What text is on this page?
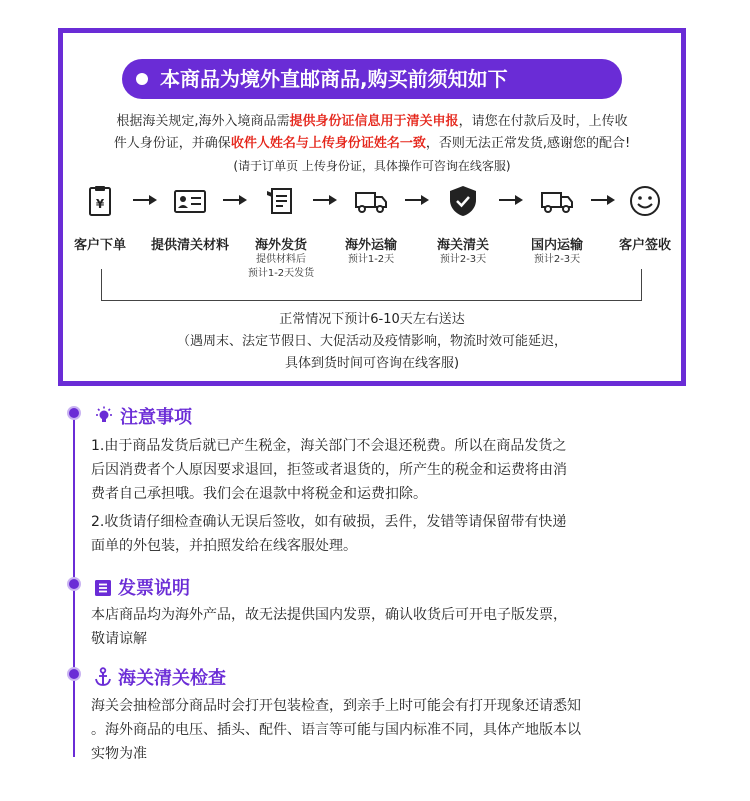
本商品为境外直邮商品,购买前须知如下
根据海关规定,海外入境商品需提供身份证信息用于清关申报，请您在付款后及时，上传收
件人身份证，并确保收件人姓名与上传身份证姓名一致，否则无法正常发货,感谢您的配合!
(请于订单页 上传身份证，具体操作可咨询在线客服)
¥
客户下单	提供清关材料	海外发货
提供材料后
预计1-2天发货
海外运输
预计1-2天
海关清关
预计2-3天
国内运输
预计2-3天
客户签收
正常情况下预计6-10天左右送达
（遇周末、法定节假日、大促活动及疫情影响，物流时效可能延迟，
具体到货时间可咨询在线客服)
注意事项
1.由于商品发货后就已产生税金，海关部门不会退还税费。所以在商品发货之
后因消费者个人原因要求退回，拒签或者退货的，所产生的税金和运费将由消
费者自己承担哦。我们会在退款中将税金和运费扣除。
2.收货请仔细检查确认无误后签收，如有破损，丢件，发错等请保留带有快递
面单的外包装，并拍照发给在线客服处理。
发票说明
本店商品均为海外产品，故无法提供国内发票，确认收货后可开电子版发票，
敬请谅解
海关清关检查
海关会抽检部分商品时会打开包装检查，到亲手上时可能会有打开现象还请悉知
。海外商品的电压、插头、配件、语言等可能与国内标准不同，具体产地版本以
实物为准
